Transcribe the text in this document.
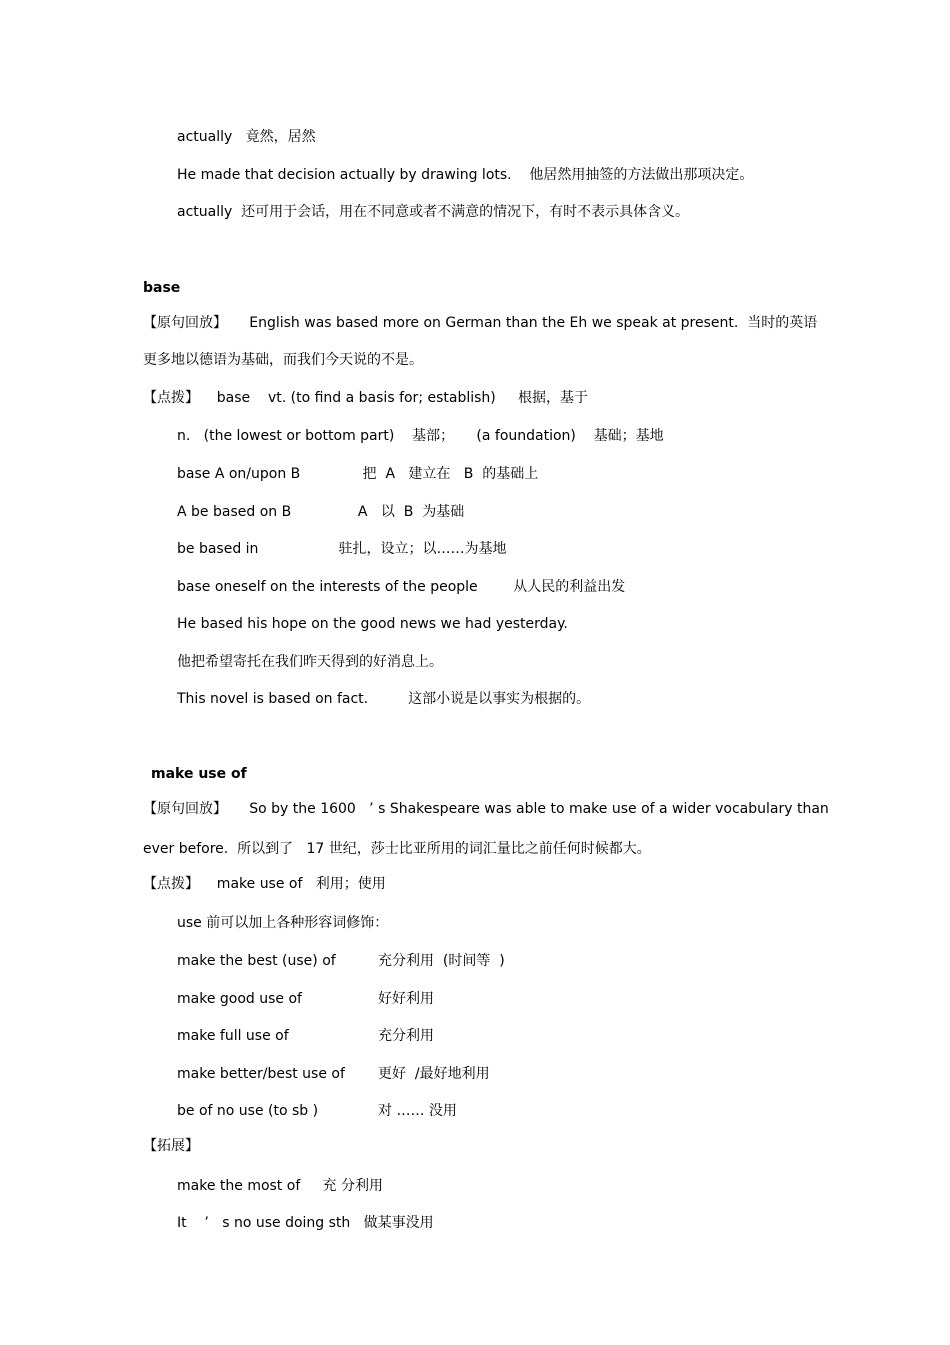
actually   竟然，居然
He made that decision actually by drawing lots.    他居然用抽签的方法做出那项决定。
actually  还可用于会话，用在不同意或者不满意的情况下，有时不表示具体含义。
base
【原句回放】     English was based more on German than the Eh we speak at present.  当时的英语
更多地以德语为基础，而我们今天说的不是。
【点拨】    base    vt. (to find a basis for; establish)     根据，基于
n.   (the lowest or bottom part)    基部；     (a foundation)    基础；基地
base A on/upon B              把  A   建立在   B  的基础上
A be based on B               A   以  B  为基础
be based in                  驻扎，设立；以……为基地
base oneself on the interests of the people        从人民的利益出发
He based his hope on the good news we had yesterday.
他把希望寄托在我们昨天得到的好消息上。
This novel is based on fact.         这部小说是以事实为根据的。
make use of
【原句回放】     So by the 1600   ’ s Shakespeare was able to make use of a wider vocabulary than
ever before.  所以到了   17 世纪，莎士比亚所用的词汇量比之前任何时候都大。
【点拨】    make use of   利用；使用
use 前可以加上各种形容词修饰：
make the best (use) of	充分利用  (时间等  )
make good use of	好好利用
make full use of	充分利用
make better/best use of 更好  /最好地利用
be of no use (to sb )	对 …… 没用
【拓展】
make the most of     充 分利用
It    ’   s no use doing sth   做某事没用
